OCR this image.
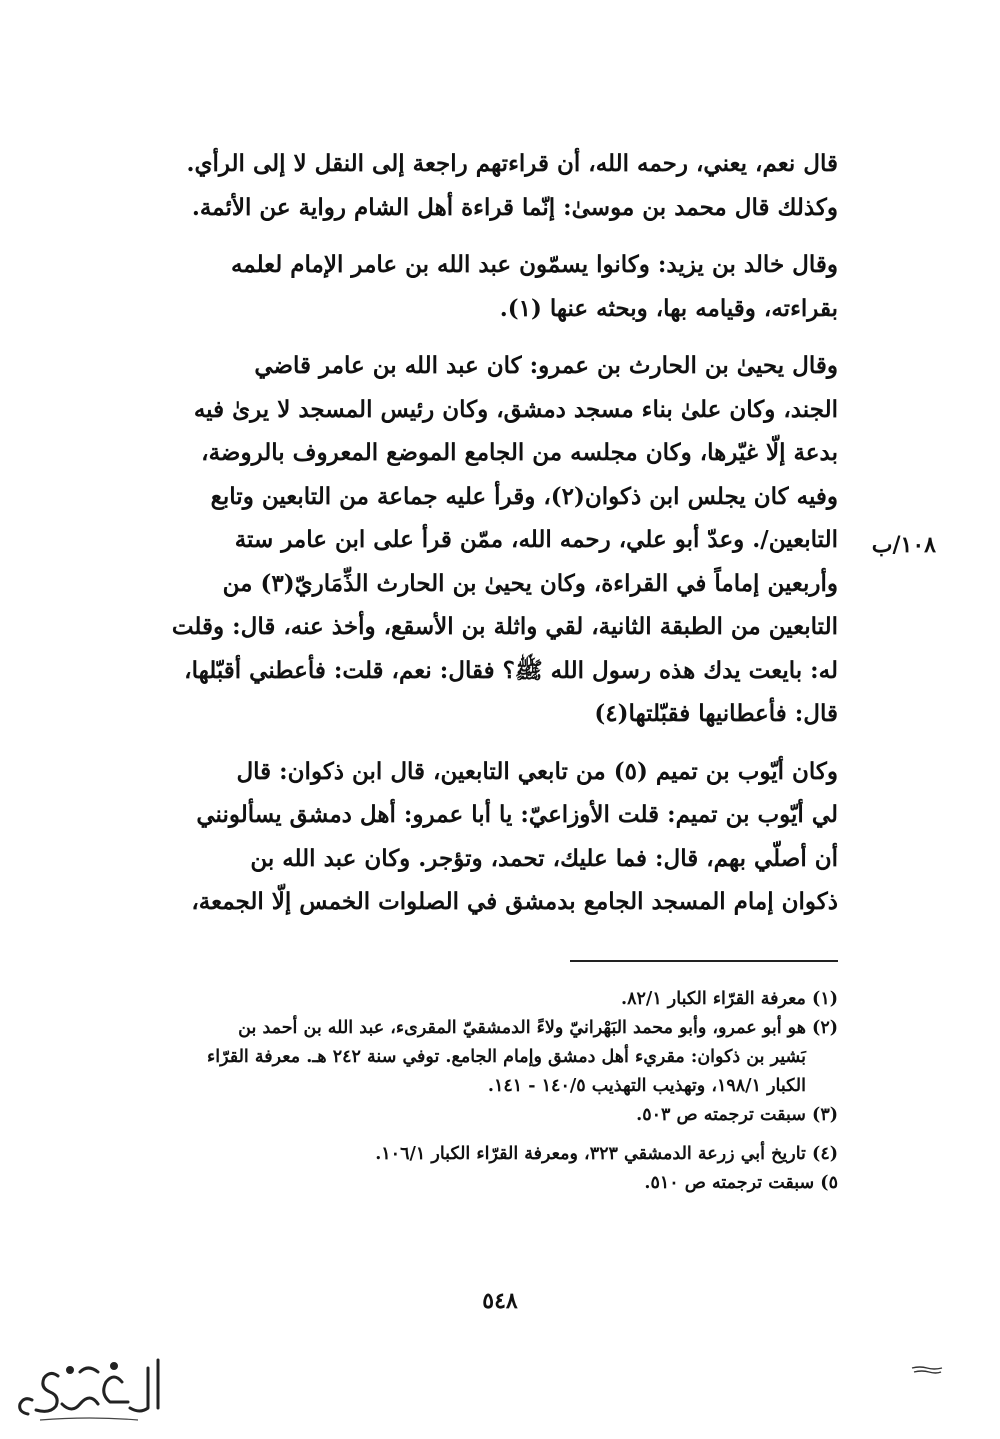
قال نعم، يعني، رحمه الله، أن قراءتهم راجعة إلى النقل لا إلى الرأي.
وكذلك قال محمد بن موسىٰ: إنّما قراءة أهل الشام رواية عن الأئمة.

وقال خالد بن يزيد: وكانوا يسمّون عبد الله بن عامر الإمام لعلمه
بقراءته، وقيامه بها، وبحثه عنها (١).

وقال يحيىٰ بن الحارث بن عمرو: كان عبد الله بن عامر قاضي
الجند، وكان علىٰ بناء مسجد دمشق، وكان رئيس المسجد لا يرىٰ فيه
بدعة إلّا غيّرها، وكان مجلسه من الجامع الموضع المعروف بالروضة،
وفيه كان يجلس ابن ذكوان(٢)، وقرأ عليه جماعة من التابعين وتابع
التابعين/. وعدّ أبو علي، رحمه الله، ممّن قرأ على ابن عامر ستة
وأربعين إماماً في القراءة، وكان يحيىٰ بن الحارث الذِّمَاريّ(٣) من
التابعين من الطبقة الثانية، لقي واثلة بن الأسقع، وأخذ عنه، قال: وقلت
له: بايعت يدك هذه رسول الله ﷺ؟ فقال: نعم، قلت: فأعطني أقبّلها،
قال: فأعطانيها فقبّلتها(٤)

وكان أيّوب بن تميم (٥) من تابعي التابعين، قال ابن ذكوان: قال
لي أيّوب بن تميم: قلت الأوزاعيّ: يا أبا عمرو: أهل دمشق يسألونني
أن أصلّي بهم، قال: فما عليك، تحمد، وتؤجر. وكان عبد الله بن
ذكوان إمام المسجد الجامع بدمشق في الصلوات الخمس إلّا الجمعة،

١٠٨/ب
(١) معرفة القرّاء الكبار ٨٢/١.
(٢) هو أبو عمرو، وأبو محمد البَهْرانيّ ولاءً الدمشقيّ المقرىء، عبد الله بن أحمد بن
بَشير بن ذكوان: مقريء أهل دمشق وإمام الجامع. توفي سنة ٢٤٢ هـ. معرفة القرّاء
الكبار ١٩٨/١، وتهذيب التهذيب ١٤٠/٥ - ١٤١.
(٣) سبقت ترجمته ص ٥٠٣.
(٤) تاريخ أبي زرعة الدمشقي ٣٢٣، ومعرفة القرّاء الكبار ١٠٦/١.
٥) سبقت ترجمته ص ٥١٠.
٥٤٨
